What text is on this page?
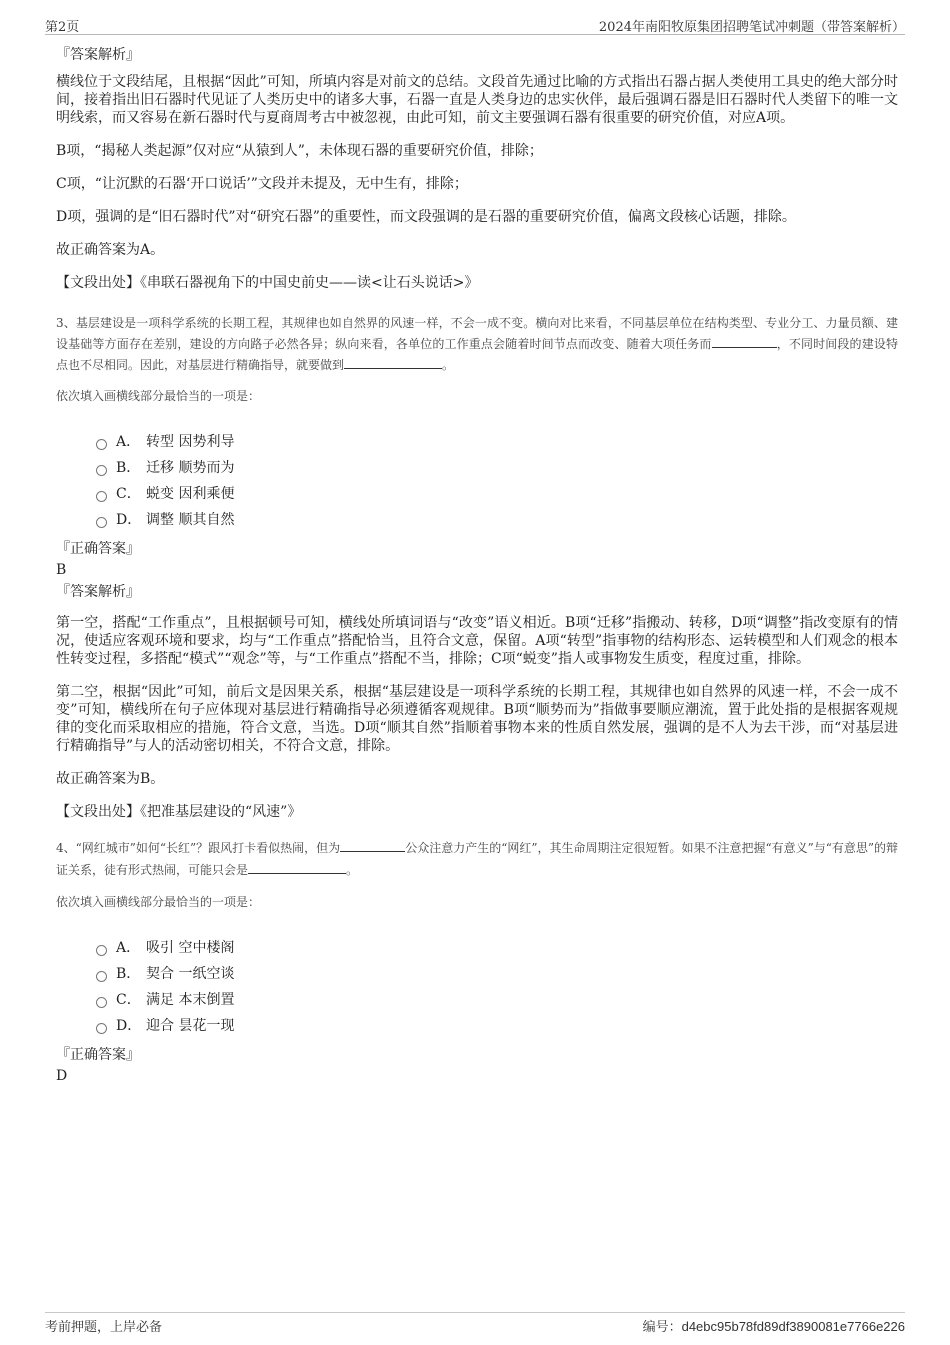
第2页	2024年南阳牧原集团招聘笔试冲刺题（带答案解析）

『答案解析』

横线位于文段结尾，且根据“因此”可知，所填内容是对前文的总结。文段首先通过比喻的方式指出石器占据人类使用工具史的绝大部分时间，接着指出旧石器时代见证了人类历史中的诸多大事，石器一直是人类身边的忠实伙伴，最后强调石器是旧石器时代人类留下的唯一文明线索，而又容易在新石器时代与夏商周考古中被忽视，由此可知，前文主要强调石器有很重要的研究价值，对应A项。

B项，“揭秘人类起源”仅对应“从猿到人”，未体现石器的重要研究价值，排除；

C项，“让沉默的石器‘开口说话’”文段并未提及，无中生有，排除；

D项，强调的是“旧石器时代”对“研究石器”的重要性，而文段强调的是石器的重要研究价值，偏离文段核心话题，排除。

故正确答案为A。

【文段出处】《串联石器视角下的中国史前史——读<让石头说话>》

3、基层建设是一项科学系统的长期工程，其规律也如自然界的风速一样，不会一成不变。横向对比来看，不同基层单位在结构类型、专业分工、力量员额、建设基础等方面存在差别，建设的方向路子必然各异；纵向来看，各单位的工作重点会随着时间节点而改变、随着大项任务而	，不同时间段的建设特点也不尽相同。因此，对基层进行精确指导，就要做到	。

依次填入画横线部分最恰当的一项是：

A． 转型 因势利导
B． 迁移 顺势而为
C． 蜕变 因利乘便
D． 调整 顺其自然

『正确答案』

B

『答案解析』

第一空，搭配“工作重点”，且根据顿号可知，横线处所填词语与“改变”语义相近。B项“迁移”指搬动、转移，D项“调整”指改变原有的情况，使适应客观环境和要求，均与“工作重点”搭配恰当，且符合文意，保留。A项“转型”指事物的结构形态、运转模型和人们观念的根本性转变过程，多搭配“模式”“观念”等，与“工作重点”搭配不当，排除；C项“蜕变”指人或事物发生质变，程度过重，排除。

第二空，根据“因此”可知，前后文是因果关系，根据“基层建设是一项科学系统的长期工程，其规律也如自然界的风速一样，不会一成不变”可知，横线所在句子应体现对基层进行精确指导必须遵循客观规律。B项“顺势而为”指做事要顺应潮流，置于此处指的是根据客观规律的变化而采取相应的措施，符合文意，当选。D项“顺其自然”指顺着事物本来的性质自然发展，强调的是不人为去干涉，而“对基层进行精确指导”与人的活动密切相关，不符合文意，排除。

故正确答案为B。

【文段出处】《把准基层建设的“风速”》

4、“网红城市”如何“长红”？跟风打卡看似热闹，但为	公众注意力产生的“网红”，其生命周期注定很短暂。如果不注意把握“有意义”与“有意思”的辩证关系，徒有形式热闹，可能只会是	。

依次填入画横线部分最恰当的一项是：

A． 吸引 空中楼阁
B． 契合 一纸空谈
C． 满足 本末倒置
D． 迎合 昙花一现

『正确答案』

D

考前押题，上岸必备	编号：d4ebc95b78fd89df3890081e7766e226
